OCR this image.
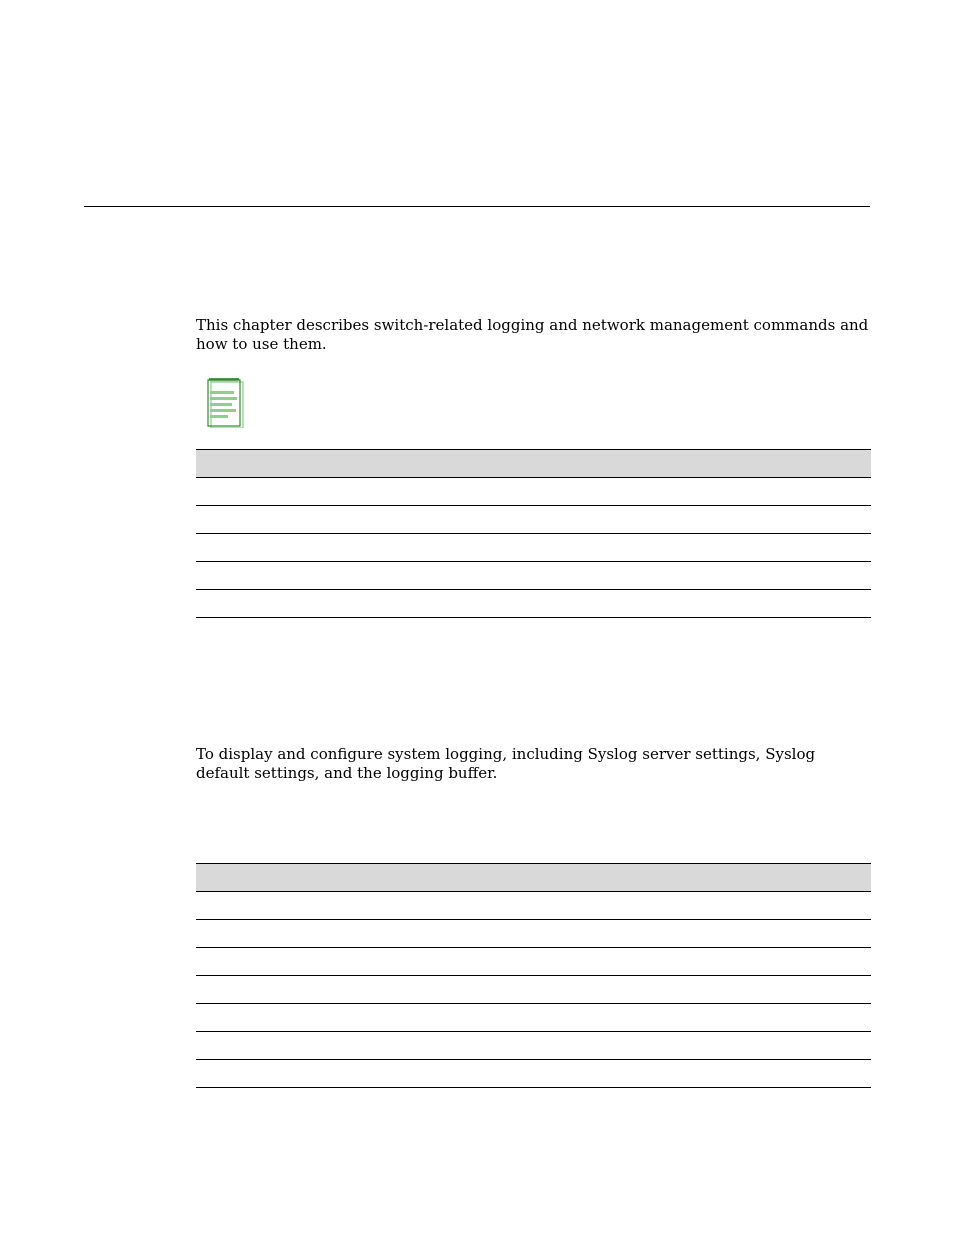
This chapter describes switch-related logging and network management commands and how to use them.

To display and configure system logging, including Syslog server settings, Syslog default settings, and the logging buffer.
